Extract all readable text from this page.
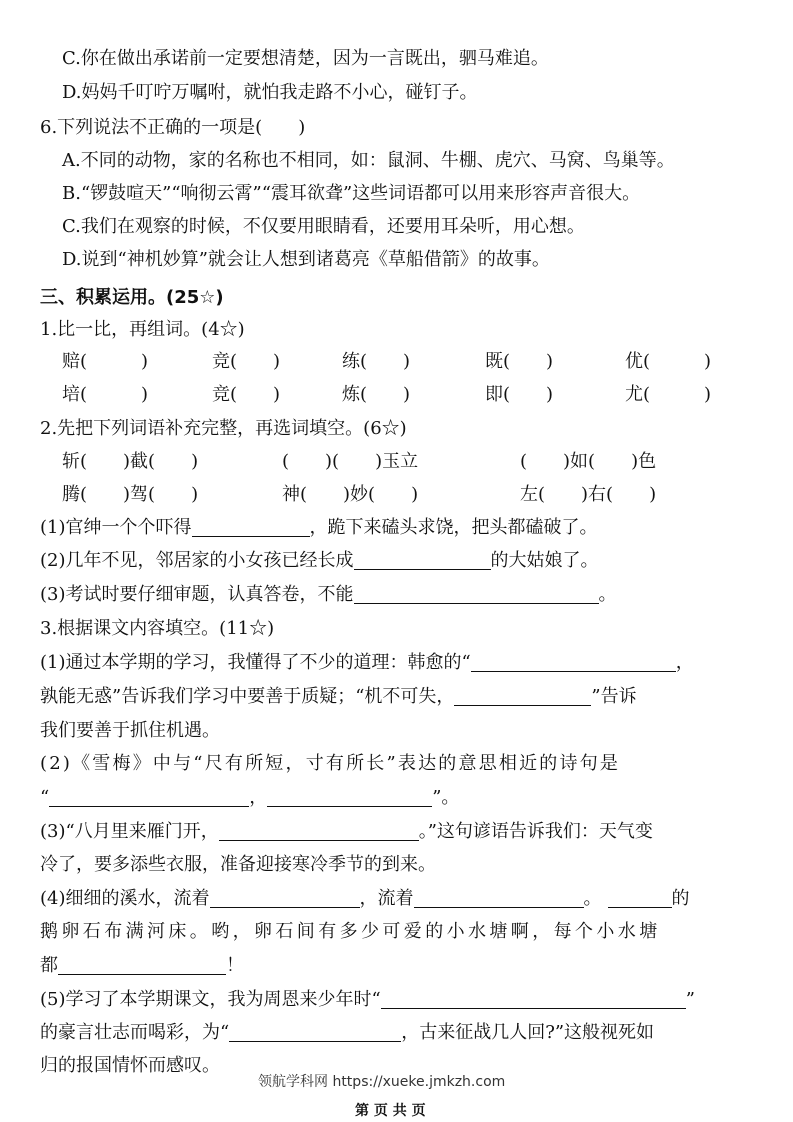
C.你在做出承诺前一定要想清楚，因为一言既出，驷马难追。
D.妈妈千叮咛万嘱咐，就怕我走路不小心，碰钉子。
6.下列说法不正确的一项是(　　)
A.不同的动物，家的名称也不相同，如：鼠洞、牛棚、虎穴、马窝、鸟巢等。
B.“锣鼓喧天”“响彻云霄”“震耳欲聋”这些词语都可以用来形容声音很大。
C.我们在观察的时候，不仅要用眼睛看，还要用耳朵听，用心想。
D.说到“神机妙算”就会让人想到诸葛亮《草船借箭》的故事。
三、积累运用。(25☆)
1.比一比，再组词。(4☆)
赔(　　　)	竞(　　)	练(　　)	既(　　)	优(　　　)
培(　　　)	竞(　　)	炼(　　)	即(　　)	尤(　　　)
2.先把下列词语补充完整，再选词填空。(6☆)
斩(　　)截(　　)	(　　)(　　)玉立	(　　)如(　　)色
腾(　　)驾(　　)	神(　　)妙(　　)	左(　　)右(　　)
(1)官绅一个个吓得	，跪下来磕头求饶，把头都磕破了。
(2)几年不见，邻居家的小女孩已经长成	的大姑娘了。
(3)考试时要仔细审题，认真答卷，不能	。
3.根据课文内容填空。(11☆)
(1)通过本学期的学习，我懂得了不少的道理：韩愈的“	，
孰能无惑”告诉我们学习中要善于质疑；“机不可失，	”告诉
我们要善于抓住机遇。
(2)《雪梅》中与“尺有所短，寸有所长”表达的意思相近的诗句是
“	，	”。
(3)“八月里来雁门开，	。”这句谚语告诉我们：天气变
冷了，要多添些衣服，准备迎接寒冷季节的到来。
(4)细细的溪水，流着	，流着	。	的
鹅卵石布满河床。哟，卵石间有多少可爱的小水塘啊，每个小水塘
都	！
(5)学习了本学期课文，我为周恩来少年时“	”
的豪言壮志而喝彩，为“	，古来征战几人回?”这般视死如
归的报国情怀而感叹。
领航学科网 https://xueke.jmkzh.com
第 页 共 页
